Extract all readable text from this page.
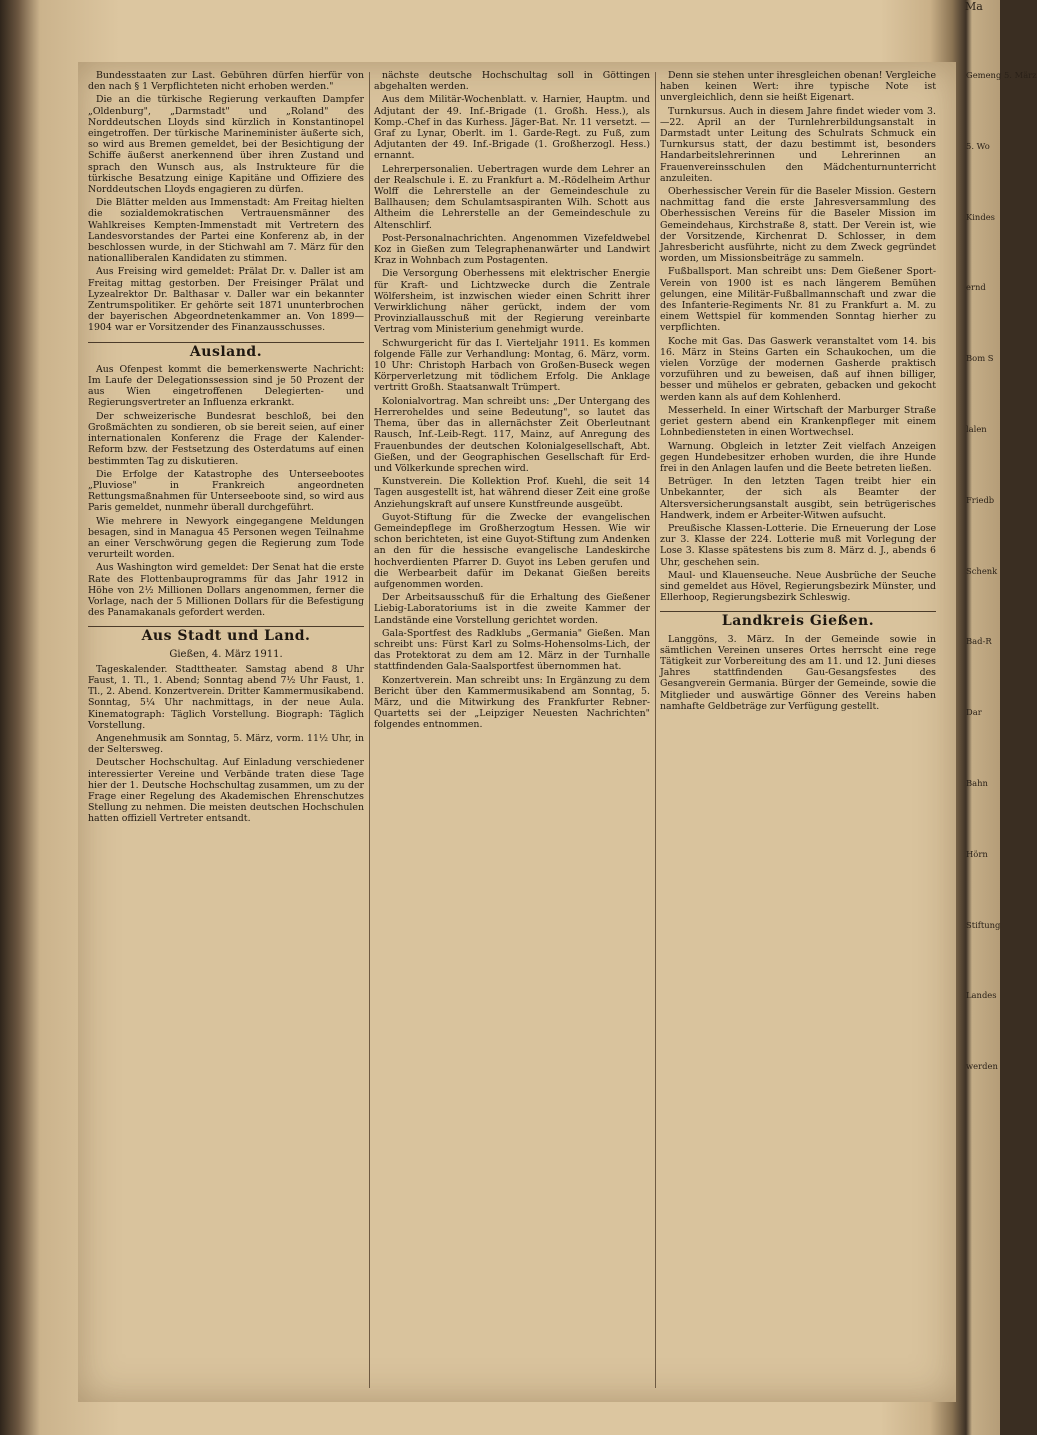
Bundesstaaten zur Last. Gebühren dürfen hierfür von den nach § 1 Verpflichteten nicht erhoben werden."

Die an die türkische Regierung verkauften Dampfer „Oldenburg", „Darmstadt" und „Roland" des Norddeutschen Lloyds sind kürzlich in Konstantinopel eingetroffen. Der türkische Marineminister äußerte sich, so wird aus Bremen gemeldet, bei der Besichtigung der Schiffe äußerst anerkennend über ihren Zustand und sprach den Wunsch aus, als Instrukteure für die türkische Besatzung einige Kapitäne und Offiziere des Norddeutschen Lloyds engagieren zu dürfen.

Die Blätter melden aus Immenstadt: Am Freitag hielten die sozialdemokratischen Vertrauensmänner des Wahlkreises Kempten-Immenstadt mit Vertretern des Landesvorstandes der Partei eine Konferenz ab, in der beschlossen wurde, in der Stichwahl am 7. März für den nationalliberalen Kandidaten zu stimmen.

Aus Freising wird gemeldet: Prälat Dr. v. Daller ist am Freitag mittag gestorben. Der Freisinger Prälat und Lyzealrektor Dr. Balthasar v. Daller war ein bekannter Zentrumspolitiker. Er gehörte seit 1871 ununterbrochen der bayerischen Abgeordnetenkammer an. Von 1899—1904 war er Vorsitzender des Finanzausschusses.

Ausland.

Aus Ofenpest kommt die bemerkenswerte Nachricht: Im Laufe der Delegationssession sind je 50 Prozent der aus Wien eingetroffenen Delegierten- und Regierungsvertreter an Influenza erkrankt.

Der schweizerische Bundesrat beschloß, bei den Großmächten zu sondieren, ob sie bereit seien, auf einer internationalen Konferenz die Frage der Kalender-Reform bzw. der Festsetzung des Osterdatums auf einen bestimmten Tag zu diskutieren.

Die Erfolge der Katastrophe des Unterseebootes „Pluviose" in Frankreich angeordneten Rettungsmaßnahmen für Unterseeboote sind, so wird aus Paris gemeldet, nunmehr überall durchgeführt.

Wie mehrere in Newyork eingegangene Meldungen besagen, sind in Managua 45 Personen wegen Teilnahme an einer Verschwörung gegen die Regierung zum Tode verurteilt worden.

Aus Washington wird gemeldet: Der Senat hat die erste Rate des Flottenbauprogramms für das Jahr 1912 in Höhe von 2½ Millionen Dollars angenommen, ferner die Vorlage, nach der 5 Millionen Dollars für die Befestigung des Panamakanals gefordert werden.

Aus Stadt und Land.
Gießen, 4. März 1911.

Tageskalender. Stadttheater. Samstag abend 8 Uhr Faust, 1. Tl., 1. Abend; Sonntag abend 7½ Uhr Faust, 1. Tl., 2. Abend. Konzertverein. Dritter Kammermusikabend. Sonntag, 5¼ Uhr nachmittags, in der neue Aula. Kinematograph: Täglich Vorstellung. Biograph: Täglich Vorstellung.

Angenehmusik am Sonntag, 5. März, vorm. 11½ Uhr, in der Seltersweg.

Deutscher Hochschultag. Auf Einladung verschiedener interessierter Vereine und Verbände traten diese Tage hier der 1. Deutsche Hochschultag zusammen, um zu der Frage einer Regelung des Akademischen Ehrenschutzes Stellung zu nehmen. Die meisten deutschen Hochschulen hatten offiziell Vertreter entsandt.

nächste deutsche Hochschultag soll in Göttingen abgehalten werden.

Aus dem Militär-Wochenblatt. v. Harnier, Hauptm. und Adjutant der 49. Inf.-Brigade (1. Großh. Hess.), als Komp.-Chef in das Kurhess. Jäger-Bat. Nr. 11 versetzt. — Graf zu Lynar, Oberlt. im 1. Garde-Regt. zu Fuß, zum Adjutanten der 49. Inf.-Brigade (1. Großherzogl. Hess.) ernannt.

Lehrerpersonalien. Uebertragen wurde dem Lehrer an der Realschule i. E. zu Frankfurt a. M.-Rödelheim Arthur Wolff die Lehrerstelle an der Gemeindeschule zu Ballhausen; dem Schulamtsaspiranten Wilh. Schott aus Altheim die Lehrerstelle an der Gemeindeschule zu Altenschlirf.

Post-Personalnachrichten. Angenommen Vizefeldwebel Koz in Gießen zum Telegraphenanwärter und Landwirt Kraz in Wohnbach zum Postagenten.

Die Versorgung Oberhessens mit elektrischer Energie für Kraft- und Lichtzwecke durch die Zentrale Wölfersheim, ist inzwischen wieder einen Schritt ihrer Verwirklichung näher gerückt, indem der vom Provinziallausschuß mit der Regierung vereinbarte Vertrag vom Ministerium genehmigt wurde.

Schwurgericht für das I. Vierteljahr 1911. Es kommen folgende Fälle zur Verhandlung: Montag, 6. März, vorm. 10 Uhr: Christoph Harbach von Großen-Buseck wegen Körperverletzung mit tödlichem Erfolg. Die Anklage vertritt Großh. Staatsanwalt Trümpert.

Kolonialvortrag. Man schreibt uns: „Der Untergang des Herreroheldes und seine Bedeutung", so lautet das Thema, über das in allernächster Zeit Oberleutnant Rausch, Inf.-Leib-Regt. 117, Mainz, auf Anregung des Frauenbundes der deutschen Kolonialgesellschaft, Abt. Gießen, und der Geographischen Gesellschaft für Erd- und Völkerkunde sprechen wird.

Kunstverein. Die Kollektion Prof. Kuehl, die seit 14 Tagen ausgestellt ist, hat während dieser Zeit eine große Anziehungskraft auf unsere Kunstfreunde ausgeübt.

Guyot-Stiftung für die Zwecke der evangelischen Gemeindepflege im Großherzogtum Hessen. Wie wir schon berichteten, ist eine Guyot-Stiftung zum Andenken an den für die hessische evangelische Landeskirche hochverdienten Pfarrer D. Guyot ins Leben gerufen und die Werbearbeit dafür im Dekanat Gießen bereits aufgenommen worden.

Der Arbeitsausschuß für die Erhaltung des Gießener Liebig-Laboratoriums ist in die zweite Kammer der Landstände eine Vorstellung gerichtet worden.

Gala-Sportfest des Radklubs „Germania" Gießen. Man schreibt uns: Fürst Karl zu Solms-Hohensolms-Lich, der das Protektorat zu dem am 12. März in der Turnhalle stattfindenden Gala-Saalsportfest übernommen hat.

Konzertverein. Man schreibt uns: In Ergänzung zu dem Bericht über den Kammermusikabend am Sonntag, 5. März, und die Mitwirkung des Frankfurter Rebner-Quartetts sei der „Leipziger Neuesten Nachrichten" folgendes entnommen.

Denn sie stehen unter ihresgleichen obenan! Vergleiche haben keinen Wert: ihre typische Note ist unvergleichlich, denn sie heißt Eigenart.

Turnkursus. Auch in diesem Jahre findet wieder vom 3.—22. April an der Turnlehrerbildungsanstalt in Darmstadt unter Leitung des Schulrats Schmuck ein Turnkursus statt, der dazu bestimmt ist, besonders Handarbeitslehrerinnen und Lehrerinnen an Frauenvereinsschulen den Mädchenturnunterricht anzuleiten.

Oberhessischer Verein für die Baseler Mission. Gestern nachmittag fand die erste Jahresversammlung des Oberhessischen Vereins für die Baseler Mission im Gemeindehaus, Kirchstraße 8, statt. Der Verein ist, wie der Vorsitzende, Kirchenrat D. Schlosser, in dem Jahresbericht ausführte, nicht zu dem Zweck gegründet worden, um Missionsbeiträge zu sammeln.

Fußballsport. Man schreibt uns: Dem Gießener Sport-Verein von 1900 ist es nach längerem Bemühen gelungen, eine Militär-Fußballmannschaft und zwar die des Infanterie-Regiments Nr. 81 zu Frankfurt a. M. zu einem Wettspiel für kommenden Sonntag hierher zu verpflichten.

Koche mit Gas. Das Gaswerk veranstaltet vom 14. bis 16. März in Steins Garten ein Schaukochen, um die vielen Vorzüge der modernen Gasherde praktisch vorzuführen und zu beweisen, daß auf ihnen billiger, besser und mühelos er gebraten, gebacken und gekocht werden kann als auf dem Kohlenherd.

Messerheld. In einer Wirtschaft der Marburger Straße geriet gestern abend ein Krankenpfleger mit einem Lohnbediensteten in einen Wortwechsel.

Warnung. Obgleich in letzter Zeit vielfach Anzeigen gegen Hundebesitzer erhoben wurden, die ihre Hunde frei in den Anlagen laufen und die Beete betreten ließen.

Betrüger. In den letzten Tagen treibt hier ein Unbekannter, der sich als Beamter der Altersversicherungsanstalt ausgibt, sein betrügerisches Handwerk, indem er Arbeiter-Witwen aufsucht.

Preußische Klassen-Lotterie. Die Erneuerung der Lose zur 3. Klasse der 224. Lotterie muß mit Vorlegung der Lose 3. Klasse spätestens bis zum 8. März d. J., abends 6 Uhr, geschehen sein.

Maul- und Klauenseuche. Neue Ausbrüche der Seuche sind gemeldet aus Hövel, Regierungsbezirk Münster, und Ellerhoop, Regierungsbezirk Schleswig.

Landkreis Gießen.

Langgöns, 3. März. In der Gemeinde sowie in sämtlichen Vereinen unseres Ortes herrscht eine rege Tätigkeit zur Vorbereitung des am 11. und 12. Juni dieses Jahres stattfindenden Gau-Gesangsfestes des Gesangverein Germania. Bürger der Gemeinde, sowie die Mitglieder und auswärtige Gönner des Vereins haben namhafte Geldbeträge zur Verfügung gestellt.

Ma
Gemeng 5. März
5. Wo
Kindes
ernd
Bom S
lalen
Friedb
Schenk
Bad-R
Dar
Bahn
Hörn
Stiftung
Landes
werden
